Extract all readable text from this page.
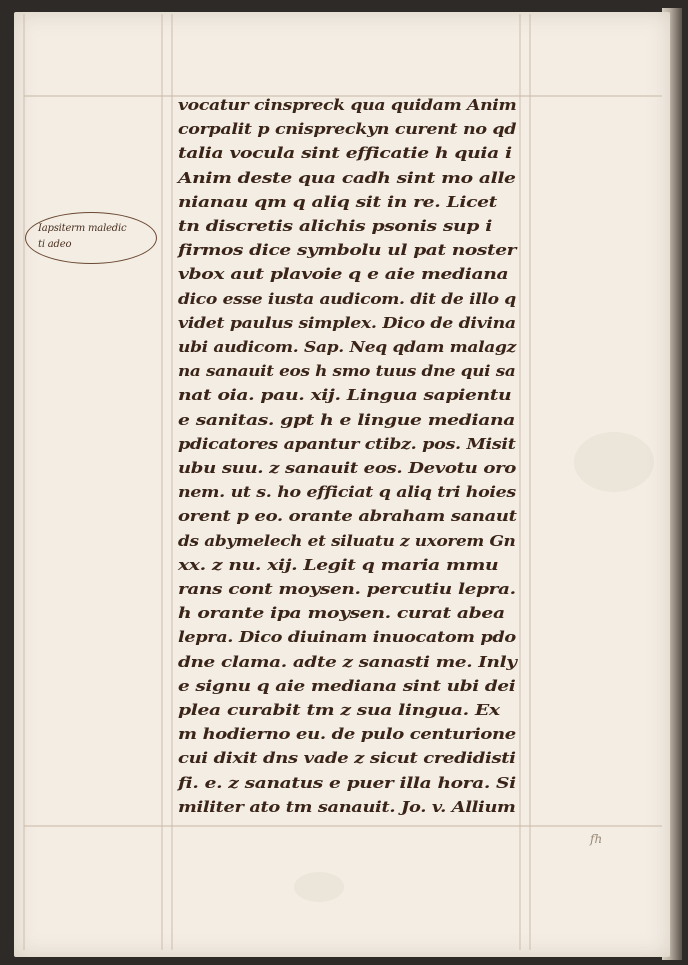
Iapsiterm maledic
ti adeo
vocatur cinspreck qua quidam Anim
corpalit p cnispreckyn curent no qd
talia vocula sint efficatie h quia i
Anim deste qua cadh sint mo alle
nianau qm q aliq sit in re. Licet
tn discretis alichis psonis sup i
firmos dice symbolu ul pat noster
vbox aut plavoie q e aie mediana
dico esse iusta audicom. dit de illo q
videt paulus simplex. Dico de divina
ubi audicom. Sap. Neq qdam malagz
na sanauit eos h smo tuus dne qui sa
nat oia. pau. xij. Lingua sapientu
e sanitas. gpt h e lingue mediana
pdicatores apantur ctibz. pos. Misit
ubu suu. z sanauit eos. Devotu oro
nem. ut s. ho efficiat q aliq tri hoies
orent p eo. orante abraham sanaut
ds abymelech et siluatu z uxorem Gn
xx. z nu. xij. Legit q maria mmu
rans cont moysen. percutiu lepra.
h orante ipa moysen. curat abea
lepra. Dico diuinam inuocatom pdo
dne clama. adte z sanasti me. Inly
e signu q aie mediana sint ubi dei
plea curabit tm z sua lingua. Ex
m hodierno eu. de pulo centurione
cui dixit dns vade z sicut credidisti
fi. e. z sanatus e puer illa hora. Si
militer ato tm sanauit. Jo. v. Allium
fh
